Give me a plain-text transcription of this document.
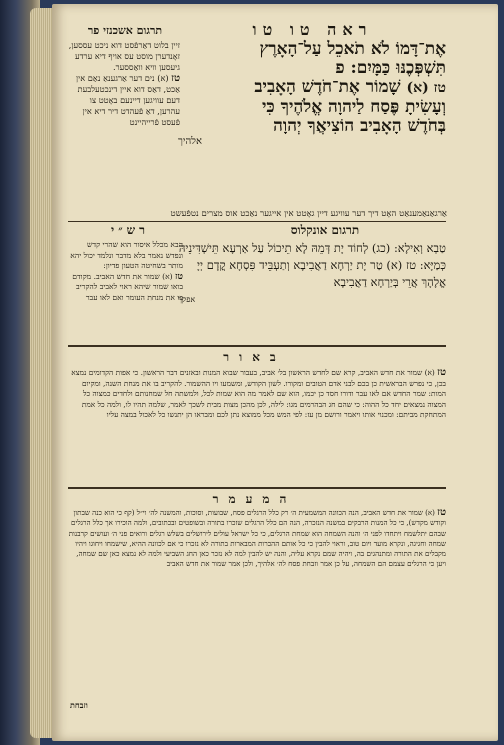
ראה טו טו
אֶת־דָּמוֹ לֹא תֹאכֵל עַל־הָאָרֶץ
תִּשְׁפְּכֶנּוּ כַּמָּיִם: פ
טז (א) שָׁמוֹר אֶת־חֹדֶשׁ הָאָבִיב
וְעָשִׂיתָ פֶּסַח לַיהוָה אֱלֹהֶיךָ כִּי
בְּחֹדֶשׁ הָאָבִיב הוֹצִיאֲךָ יְהוָה
אלהיך
תרגום אשכנזי פר
זיין בלוט דאַרפֿסט דוא ניכט עססען, זאָנדערן מוסט עס אויף דיא ערדע גיעסען וויא וואַססער.
טז (א) נים דער אַרגענאַ נאַם אין אַכט, דאַס דוא איין דינכטעלבעת דעם עוויגען דיינעם באָטט צו עהרען, דאַ פֿעהדט דיר דיא אין פֿעסט פֿרייהיינט
אַרגאַנאַמענאַט האָט דיך דער עוויגע דיין גאָטט אין אייגער נאַכט אוס מצרים נטפֿעשט
תרגום אונקלוס
טַבְא וְאִילָא: (כג) לְחוֹד יָת דְּמֵהּ לָא תֵיכוֹל עַל אַרְעָא תֵּישְׁדִּינֵיהּ כְּמַיָּא: טז (א) טַר יָת יַרְחָא דַאֲבִיבָא וְתַעְבֵּיד פִּסְחָא קֳדָם יְיָ אֱלָהָךְ אֲרֵי בְּיַרְחָא דַאֲבִיבָא
אפקך
רש״י
הבא מכלל איסור הוא שהרי קדש ונפדש נאמר בלא מדבר ונלמד יכול יהא מותר בשחיטה הטעון פדיון:
טז (א) שמור את חדש האביב. מקודם בואו שמור שיהא ראוי לאביב להקריב בו את מנחת העומר ואם לאו עבר
באור
טז (א) שמור את חדש האביב, קרא שם לחדש הראשון בל׳ אביב, בעבור שבוא המנות ובאזנים דבר הראשון. כי אפות הקדומים נמצא בכן, כי נפרש הבראשית כן בכם לבני אדם הטובים ומקורו. לשון הקודש, ומשמעו ויו ההשמור. להקריב בו את מנחת השנה, ומקיום המות: שמר החדש אם לאו עבר ודורו חסד כן יכמו, הוא שם לאמר מה הוא שמות לכל, ולמשתה חל שמחנותם ולחדים כמצוה כל המצוה נמצאים יחד כל ההוה: כי שהם חג הבהרמים מגו: לילה, לכן מהכן מצות מבית לשכך לאמר, שלמה תהיו לו, ולמה כל אמת המתחקת מביתם: ומכנוי אותו ויאמר ורושם מן עז: לפי המש מכל ממוצא נתן לכם ומבראו הן יתנשו כל לאכול במצה עליו
המעמר
טז (א) שמור את חדש האביב, הנה הכוונה המשמעית ה׳ רק כלל הרגלים פסח, שבועות, וסוכות, והמשנה לה׳ וי״ל (קף כי הוא כנה שבתון וקודש מקדש), כי כל המנות הרבקים במשנה הנזכרה, הנה הם כלל הרגלים שזכרו בתורה ובשופטים ובכתובים, ולמה הוכירו אך כלל הרגלים שבהם יתלשמח ויתחדו לפני ה׳ והנה השמחה הוא שמחת הרגלים, כי כל ישראל עולים לירושלים בשלש רגלים ורואים פני ה׳ ועושים קרבנות שמחה וחגיגה, ונקרא מועד ויום טוב, וראוי להבין כי כל אותם ההכרות המבארות בתורה לא נזכרו כי אם לכוונה ההיא, שישמחו ויחוגו ויהיו מקבלים את התורה ומתנהגים בה, ויהיה שמם נקרא עליה, והנה יש להבין למה לא נזכר כאן החג השביעי ולמה לא נמצא כאן שם שמחה, ויען כי הרגלים עצמם הם השמחה, על כן אמר וזבחת פסח לה׳ אלהיך, ולכן אמר שמור את חדש האביב
וזבחת
